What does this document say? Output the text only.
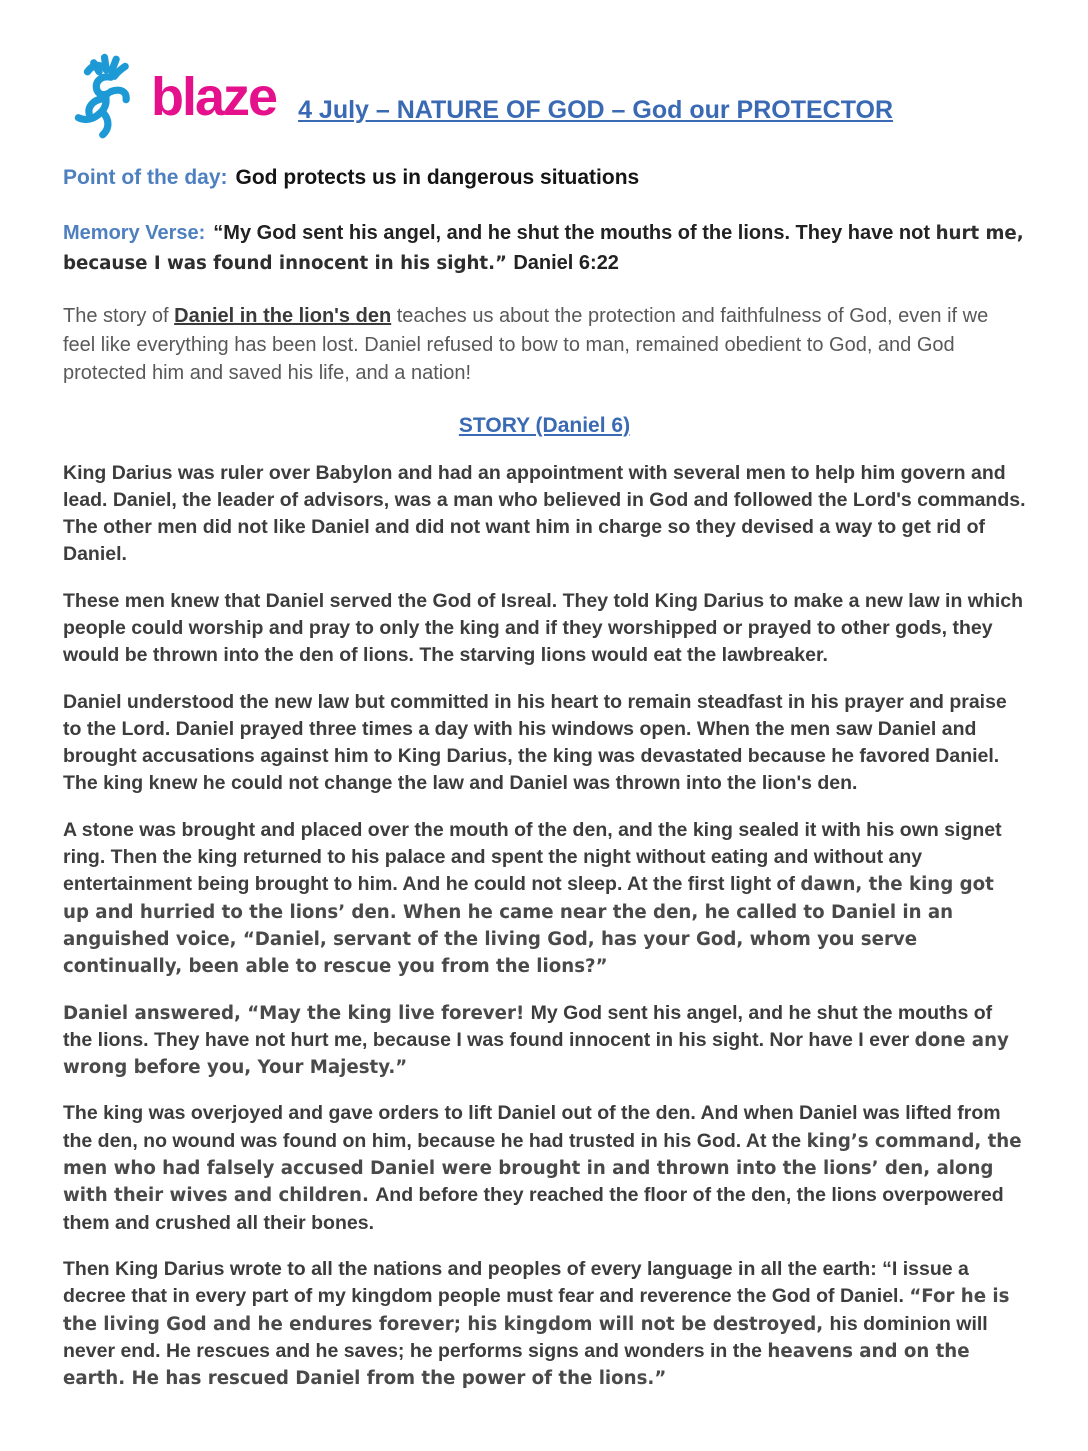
blaze 4 July – NATURE OF GOD – God our PROTECTOR

Point of the day: God protects us in dangerous situations

Memory Verse: “My God sent his angel, and he shut the mouths of the lions. They have not hurt me, because I was found innocent in his sight.” Daniel 6:22

The story of Daniel in the lion's den teaches us about the protection and faithfulness of God, even if we feel like everything has been lost. Daniel refused to bow to man, remained obedient to God, and God protected him and saved his life, and a nation!

STORY (Daniel 6)

King Darius was ruler over Babylon and had an appointment with several men to help him govern and lead. Daniel, the leader of advisors, was a man who believed in God and followed the Lord's commands. The other men did not like Daniel and did not want him in charge so they devised a way to get rid of Daniel.

These men knew that Daniel served the God of Isreal. They told King Darius to make a new law in which people could worship and pray to only the king and if they worshipped or prayed to other gods, they would be thrown into the den of lions. The starving lions would eat the lawbreaker.

Daniel understood the new law but committed in his heart to remain steadfast in his prayer and praise to the Lord. Daniel prayed three times a day with his windows open. When the men saw Daniel and brought accusations against him to King Darius, the king was devastated because he favored Daniel. The king knew he could not change the law and Daniel was thrown into the lion's den.

A stone was brought and placed over the mouth of the den, and the king sealed it with his own signet ring. Then the king returned to his palace and spent the night without eating and without any entertainment being brought to him. And he could not sleep. At the first light of dawn, the king got up and hurried to the lions’ den. When he came near the den, he called to Daniel in an anguished voice, “Daniel, servant of the living God, has your God, whom you serve continually, been able to rescue you from the lions?”

Daniel answered, “May the king live forever! My God sent his angel, and he shut the mouths of the lions. They have not hurt me, because I was found innocent in his sight. Nor have I ever done any wrong before you, Your Majesty.”

The king was overjoyed and gave orders to lift Daniel out of the den. And when Daniel was lifted from the den, no wound was found on him, because he had trusted in his God. At the king’s command, the men who had falsely accused Daniel were brought in and thrown into the lions’ den, along with their wives and children. And before they reached the floor of the den, the lions overpowered them and crushed all their bones.

Then King Darius wrote to all the nations and peoples of every language in all the earth: “I issue a decree that in every part of my kingdom people must fear and reverence the God of Daniel. “For he is the living God and he endures forever; his kingdom will not be destroyed, his dominion will never end. He rescues and he saves; he performs signs and wonders in the heavens and on the earth. He has rescued Daniel from the power of the lions.”
